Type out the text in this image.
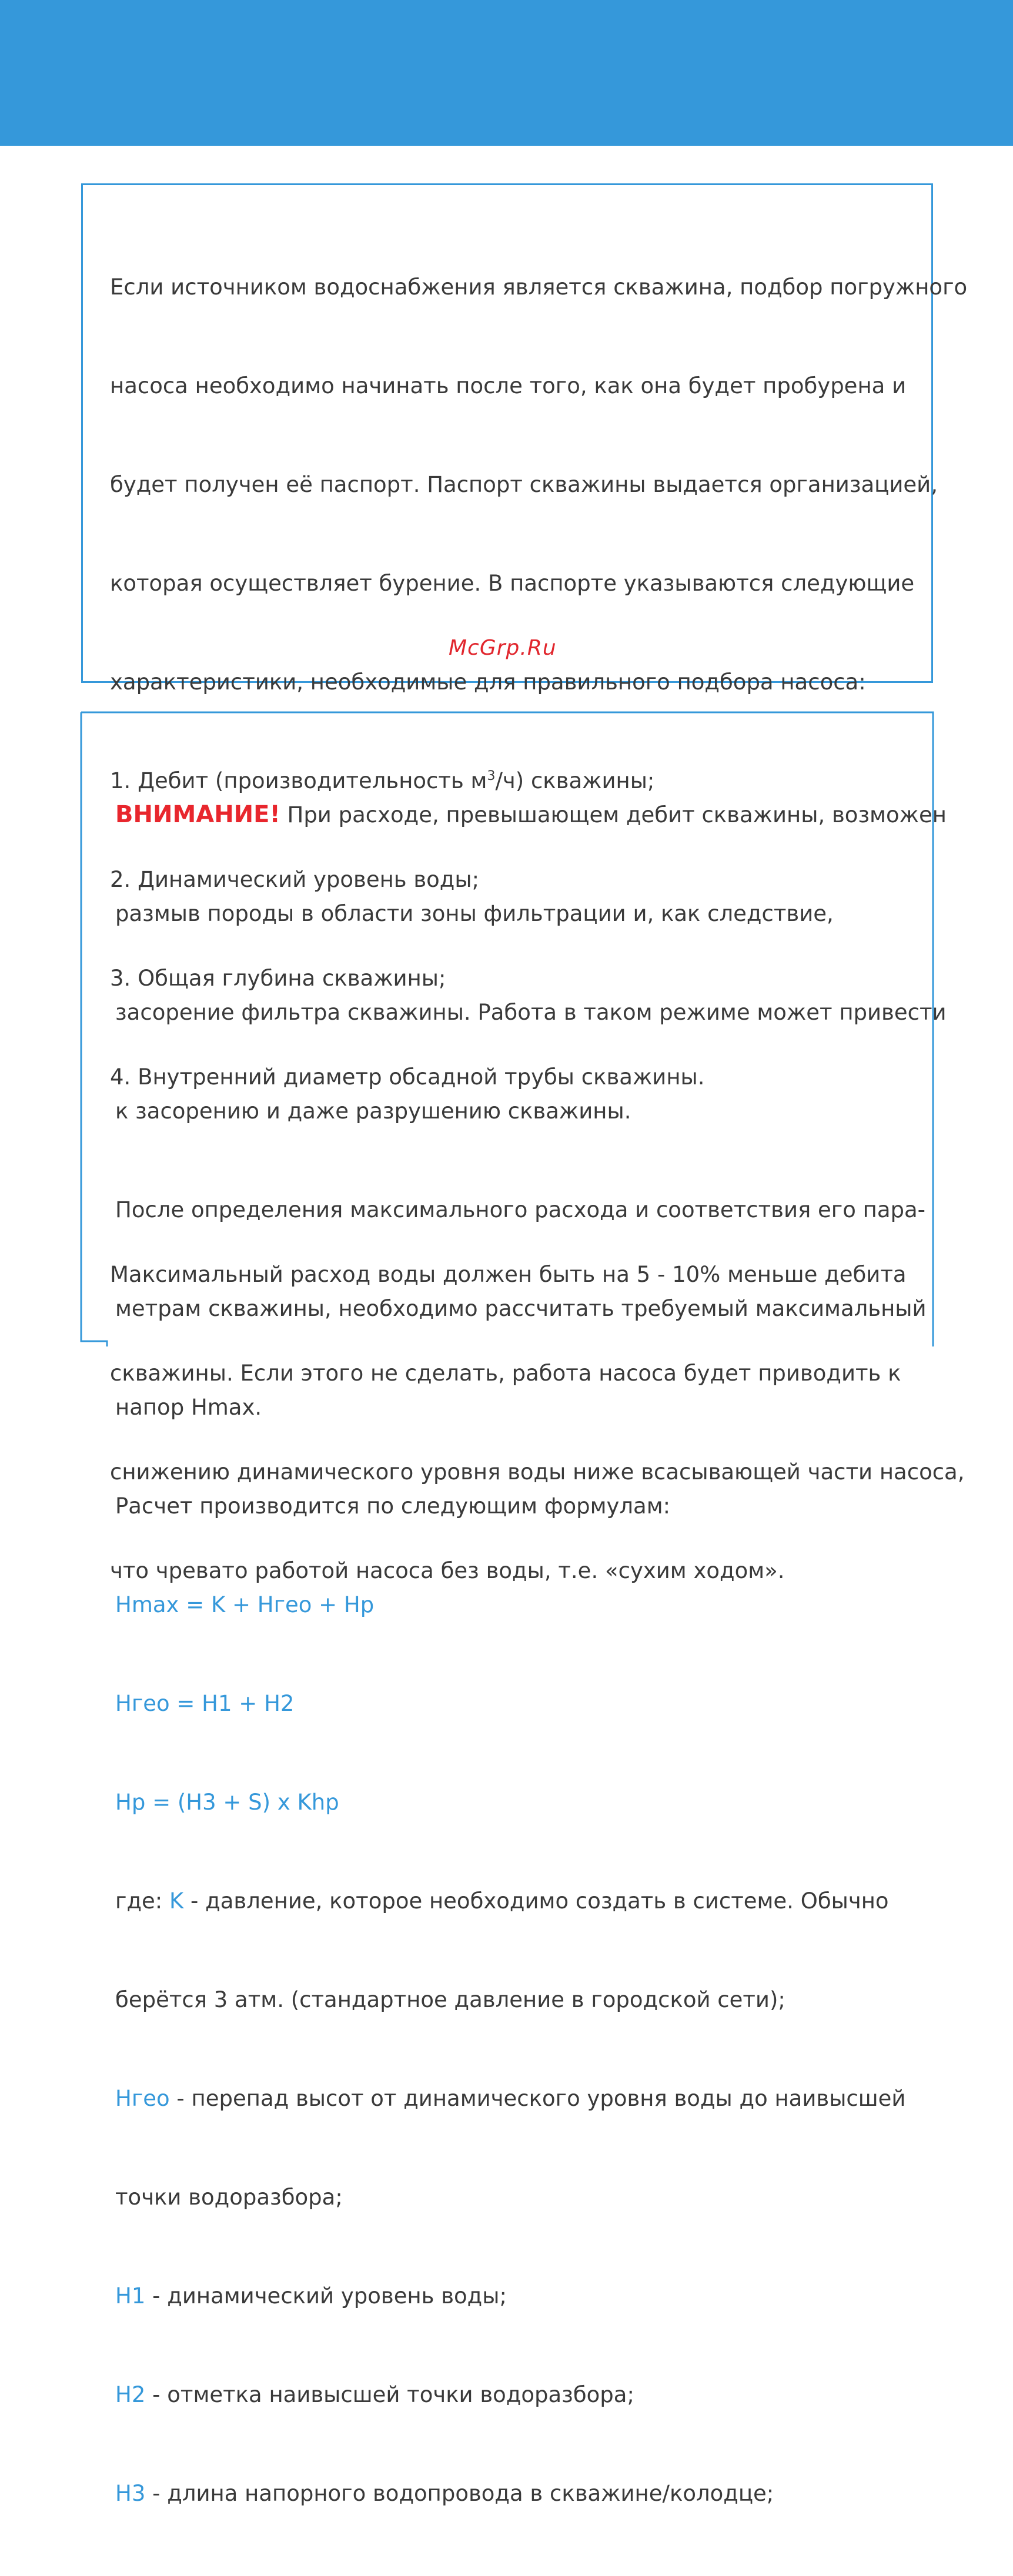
Если источником водоснабжения является скважина, подбор погружного

насоса необходимо начинать после того, как она будет пробурена и

будет получен её паспорт. Паспорт скважины выдается организацией,

которая осуществляет бурение. В паспорте указываются следующие

характеристики, необходимые для правильного подбора насоса:

1. Дебит (производительность $м^3/ч$) скважины;

2. Динамический уровень воды;

3. Общая глубина скважины;

4. Внутренний диаметр обсадной трубы скважины.

Максимальный расход воды должен быть на 5 - 10% меньше дебита

скважины. Если этого не сделать, работа насоса будет приводить к

снижению динамического уровня воды ниже всасывающей части насоса,

что чревато работой насоса без воды, т.е. «сухим ходом».

McGrp.Ru

ВНИМАНИЕ! При расходе, превышающем дебит скважины, возможен

размыв породы в области зоны фильтрации и, как следствие,

засорение фильтра скважины. Работа в таком режиме может привести

к засорению и даже разрушению скважины.

После определения максимального расхода и соответствия его пара-

метрам скважины, необходимо рассчитать требуемый максимальный

напор Hmax.

Расчет производится по следующим формулам:

Hmax = K + Hгео + Hр

Hгео = H1 + H2

Hр = (H3 + S) x Khр

где: K - давление, которое необходимо создать в системе. Обычно

берётся 3 атм. (стандартное давление в городской сети);

Hгео - перепад высот от динамического уровня воды до наивысшей

точки водоразбора;

H1 - динамический уровень воды;

H2 - отметка наивысшей точки водоразбора;

H3 - длина напорного водопровода в скважине/колодце;
